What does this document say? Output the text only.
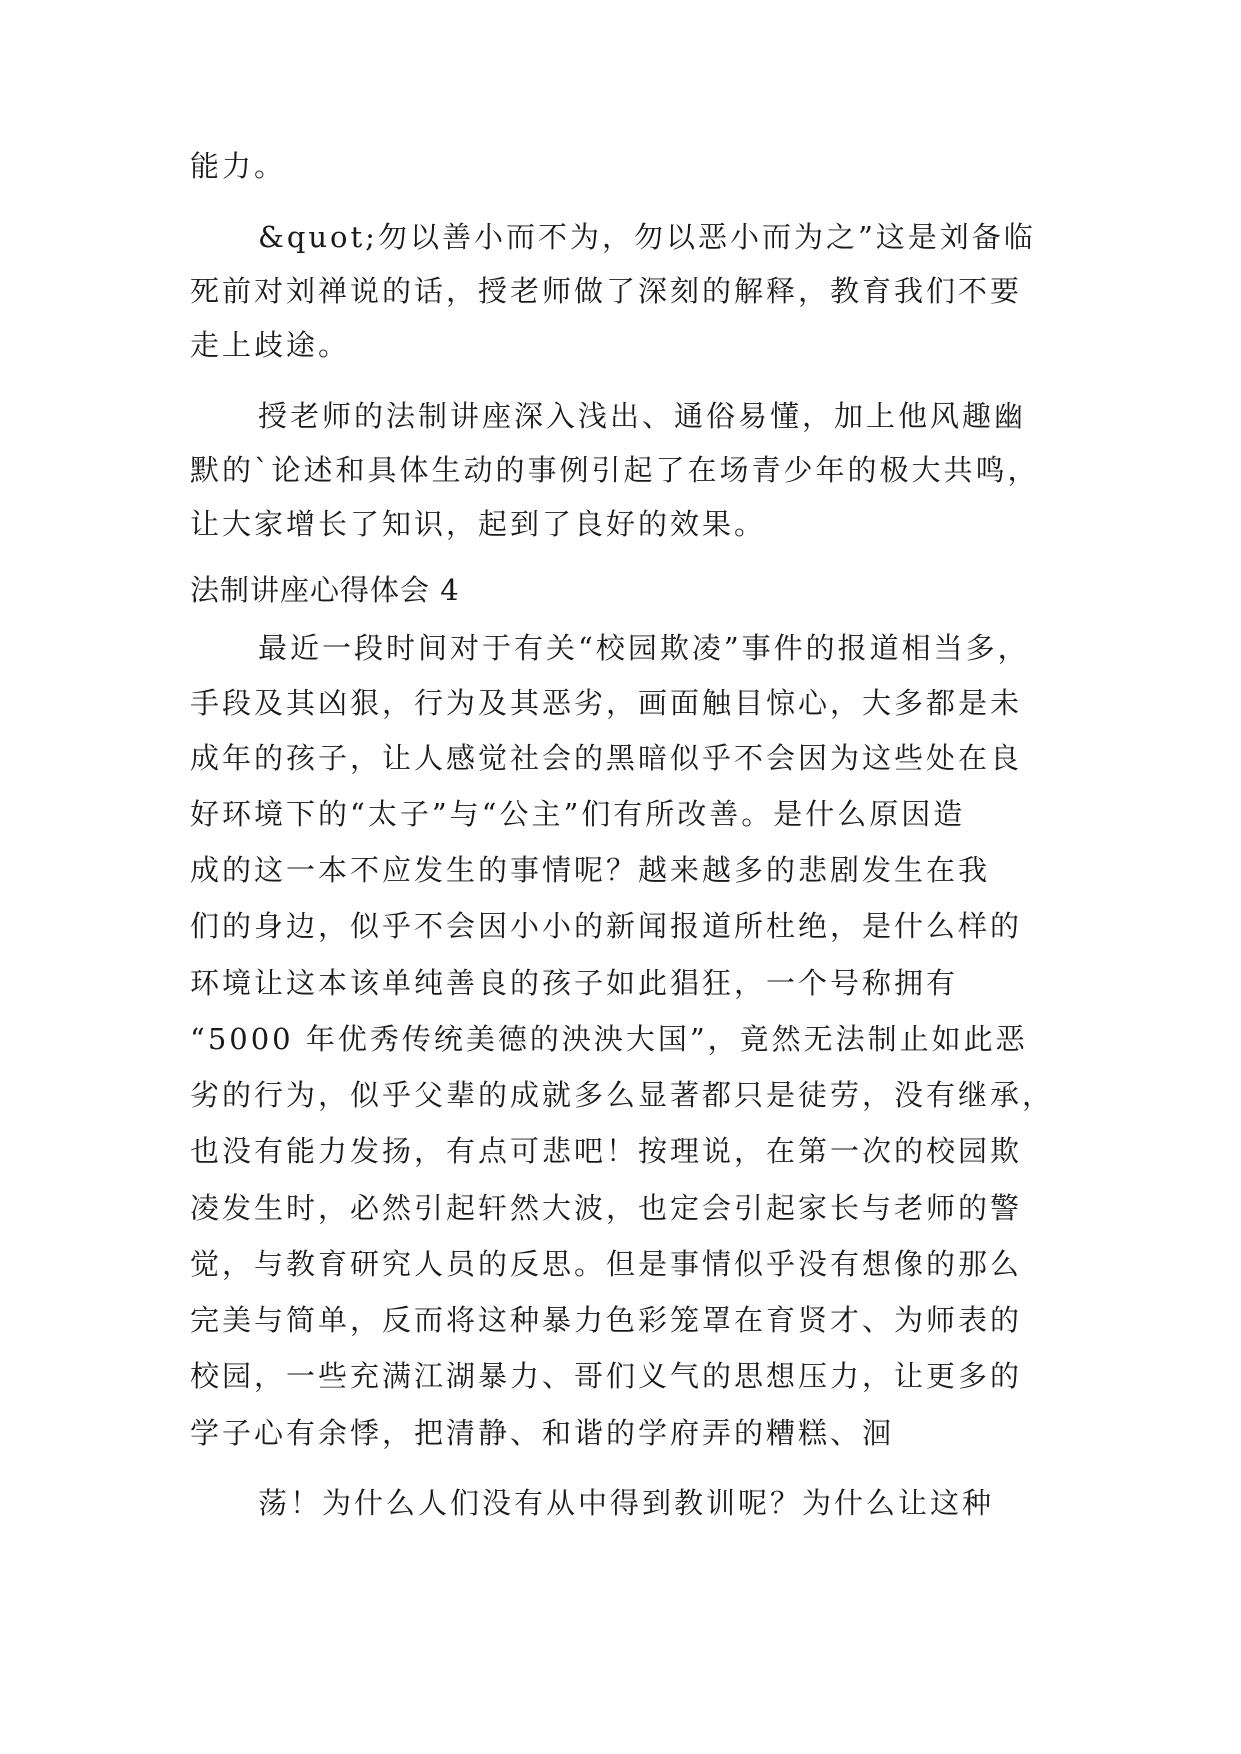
能力。
&quot;勿以善小而不为，勿以恶小而为之”这是刘备临
死前对刘禅说的话，授老师做了深刻的解释，教育我们不要
走上歧途。
授老师的法制讲座深入浅出、通俗易懂，加上他风趣幽
默的`论述和具体生动的事例引起了在场青少年的极大共鸣，
让大家增长了知识，起到了良好的效果。
法制讲座心得体会 4
最近一段时间对于有关“校园欺凌”事件的报道相当多，
手段及其凶狠，行为及其恶劣，画面触目惊心，大多都是未
成年的孩子，让人感觉社会的黑暗似乎不会因为这些处在良
好环境下的“太子”与“公主”们有所改善。是什么原因造
成的这一本不应发生的事情呢？越来越多的悲剧发生在我
们的身边，似乎不会因小小的新闻报道所杜绝，是什么样的
环境让这本该单纯善良的孩子如此猖狂，一个号称拥有
“5000 年优秀传统美德的泱泱大国”，竟然无法制止如此恶
劣的行为，似乎父辈的成就多么显著都只是徒劳，没有继承，
也没有能力发扬，有点可悲吧！按理说，在第一次的校园欺
凌发生时，必然引起轩然大波，也定会引起家长与老师的警
觉，与教育研究人员的反思。但是事情似乎没有想像的那么
完美与简单，反而将这种暴力色彩笼罩在育贤才、为师表的
校园，一些充满江湖暴力、哥们义气的思想压力，让更多的
学子心有余悸，把清静、和谐的学府弄的糟糕、洄
荡！为什么人们没有从中得到教训呢？为什么让这种
